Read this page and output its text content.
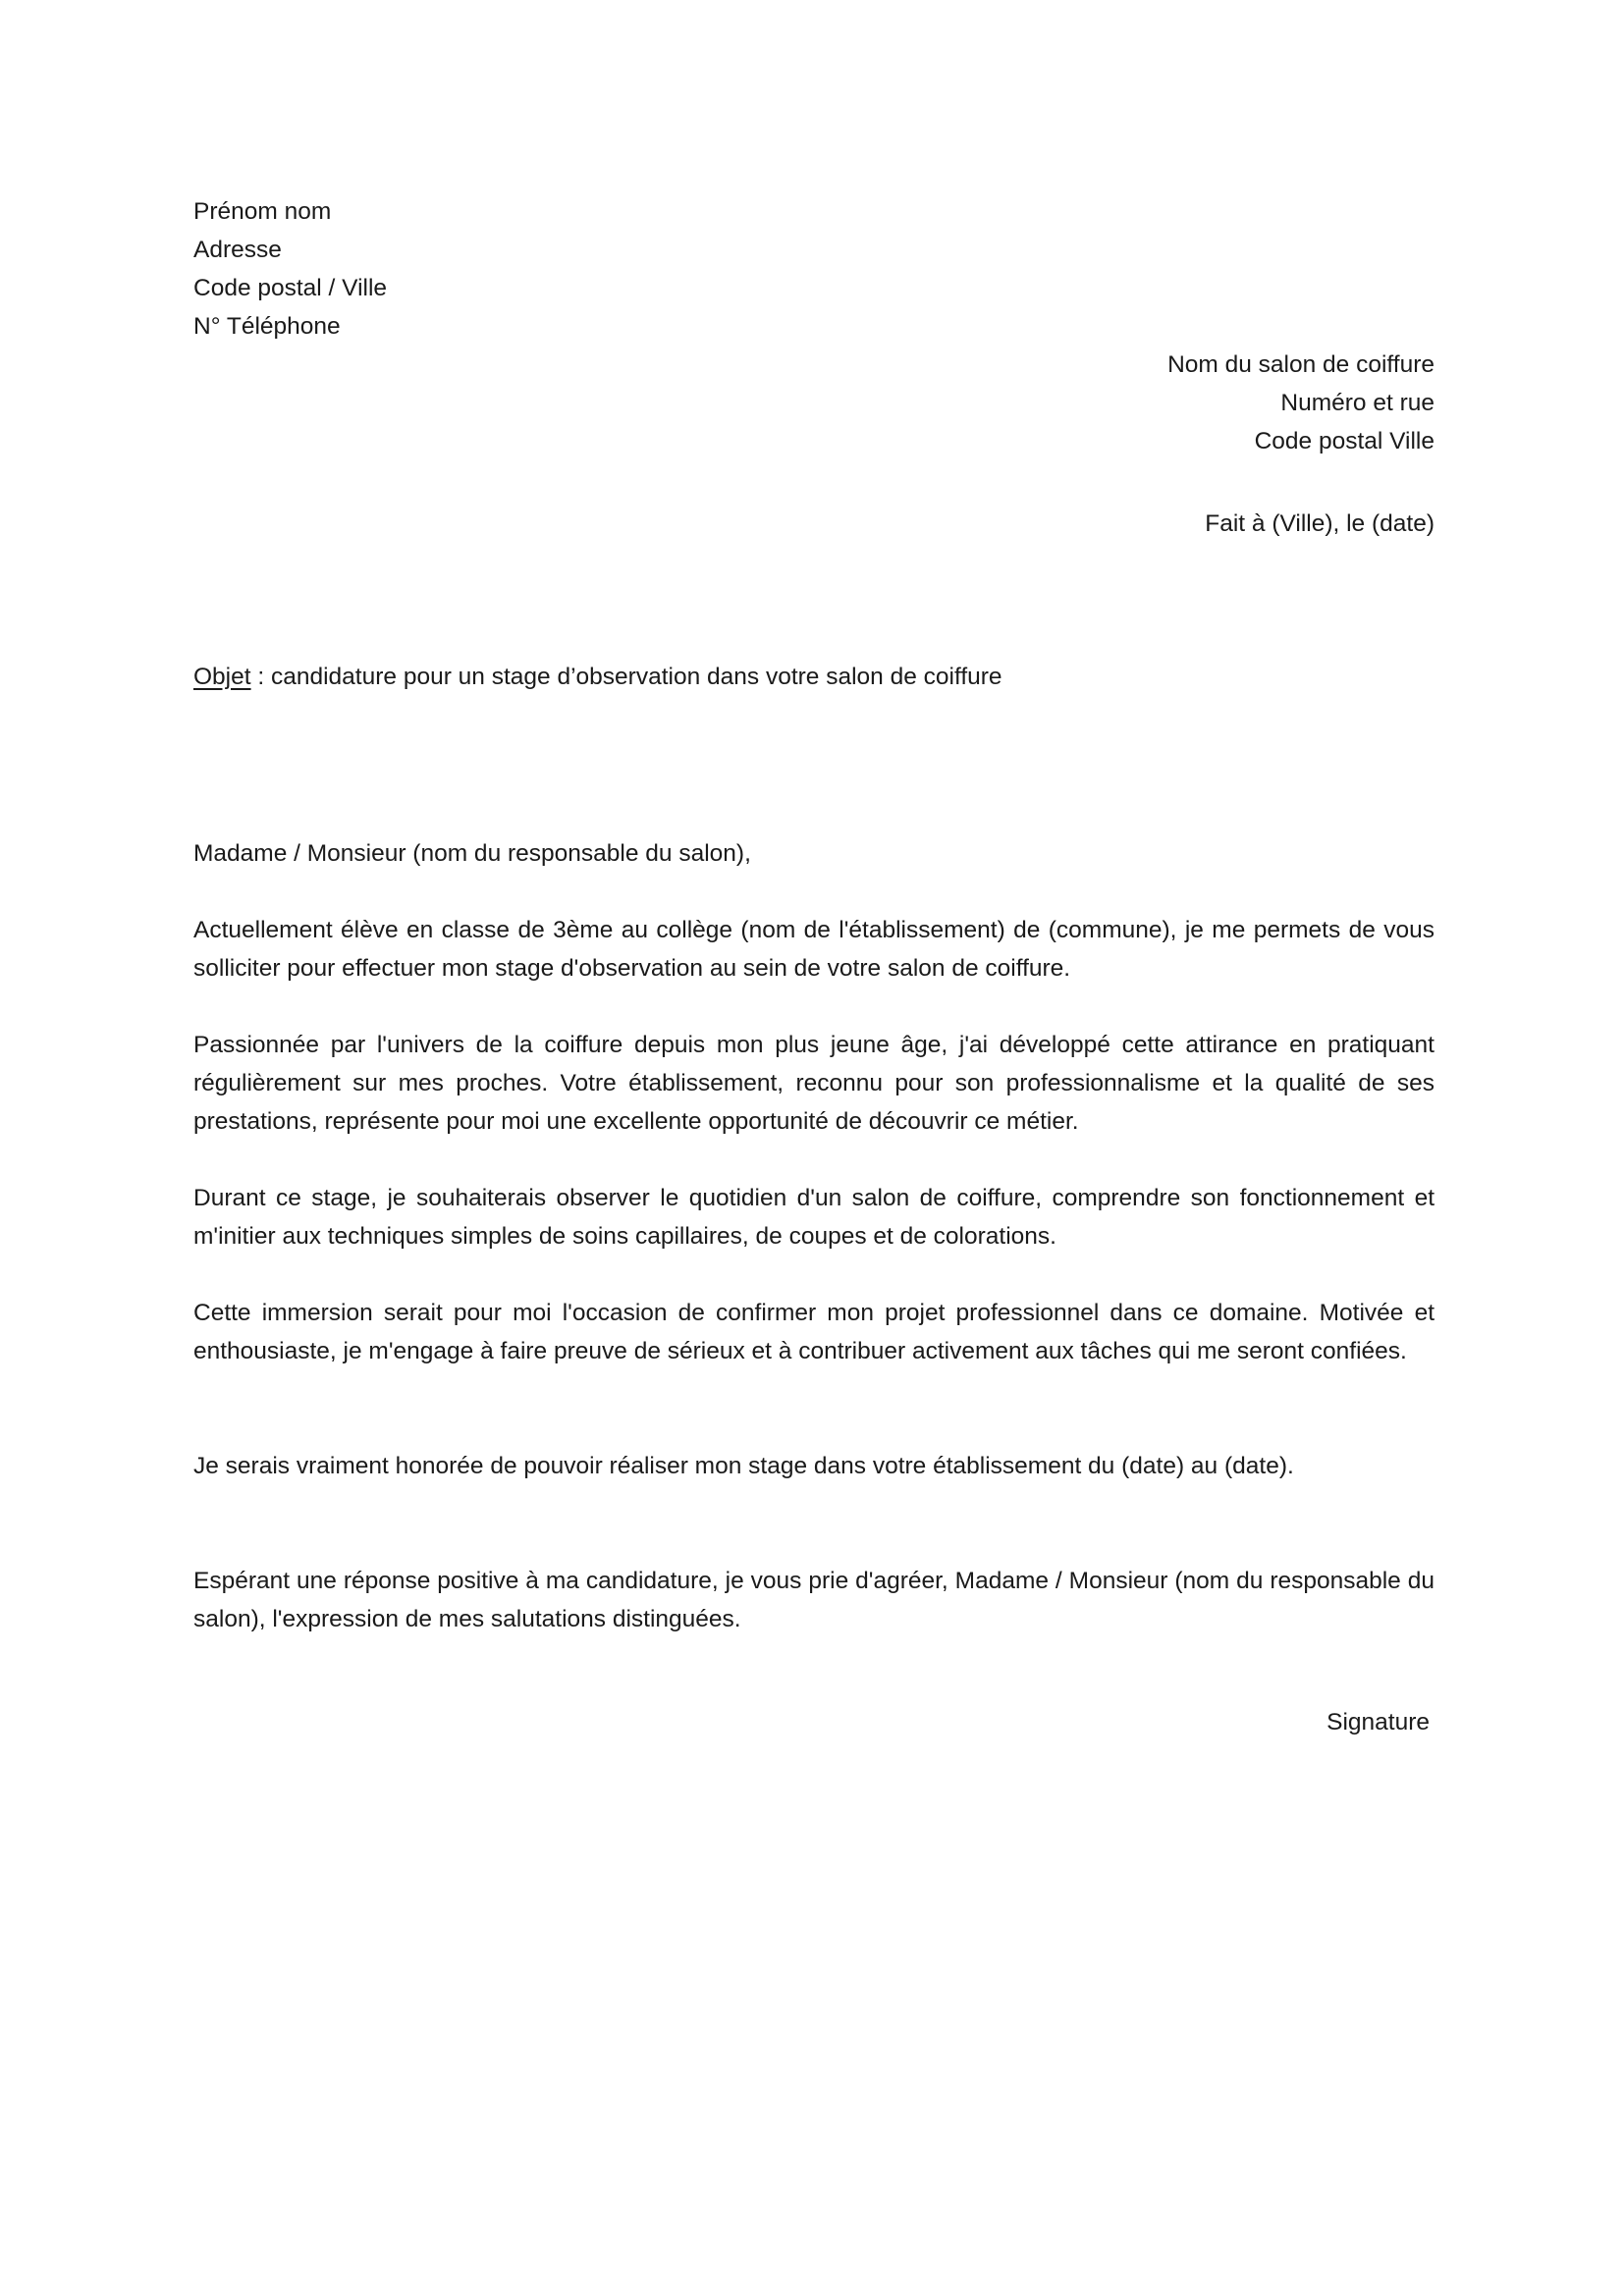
Prénom nom
Adresse
Code postal / Ville
N° Téléphone
Nom du salon de coiffure
Numéro et rue
Code postal Ville
Fait à (Ville), le (date)
Objet : candidature pour un stage d’observation dans votre salon de coiffure
Madame / Monsieur (nom du responsable du salon),

Actuellement élève en classe de 3ème au collège (nom de l'établissement) de (commune), je me permets de vous solliciter pour effectuer mon stage d'observation au sein de votre salon de coiffure.

Passionnée par l'univers de la coiffure depuis mon plus jeune âge, j'ai développé cette attirance en pratiquant régulièrement sur mes proches. Votre établissement, reconnu pour son professionnalisme et la qualité de ses prestations, représente pour moi une excellente opportunité de découvrir ce métier.

Durant ce stage, je souhaiterais observer le quotidien d'un salon de coiffure, comprendre son fonctionnement et m'initier aux techniques simples de soins capillaires, de coupes et de colorations.

Cette immersion serait pour moi l'occasion de confirmer mon projet professionnel dans ce domaine. Motivée et enthousiaste, je m'engage à faire preuve de sérieux et à contribuer activement aux tâches qui me seront confiées.

Je serais vraiment honorée de pouvoir réaliser mon stage dans votre établissement du (date) au (date).

Espérant une réponse positive à ma candidature, je vous prie d'agréer, Madame / Monsieur (nom du responsable du salon), l'expression de mes salutations distinguées.

Signature
